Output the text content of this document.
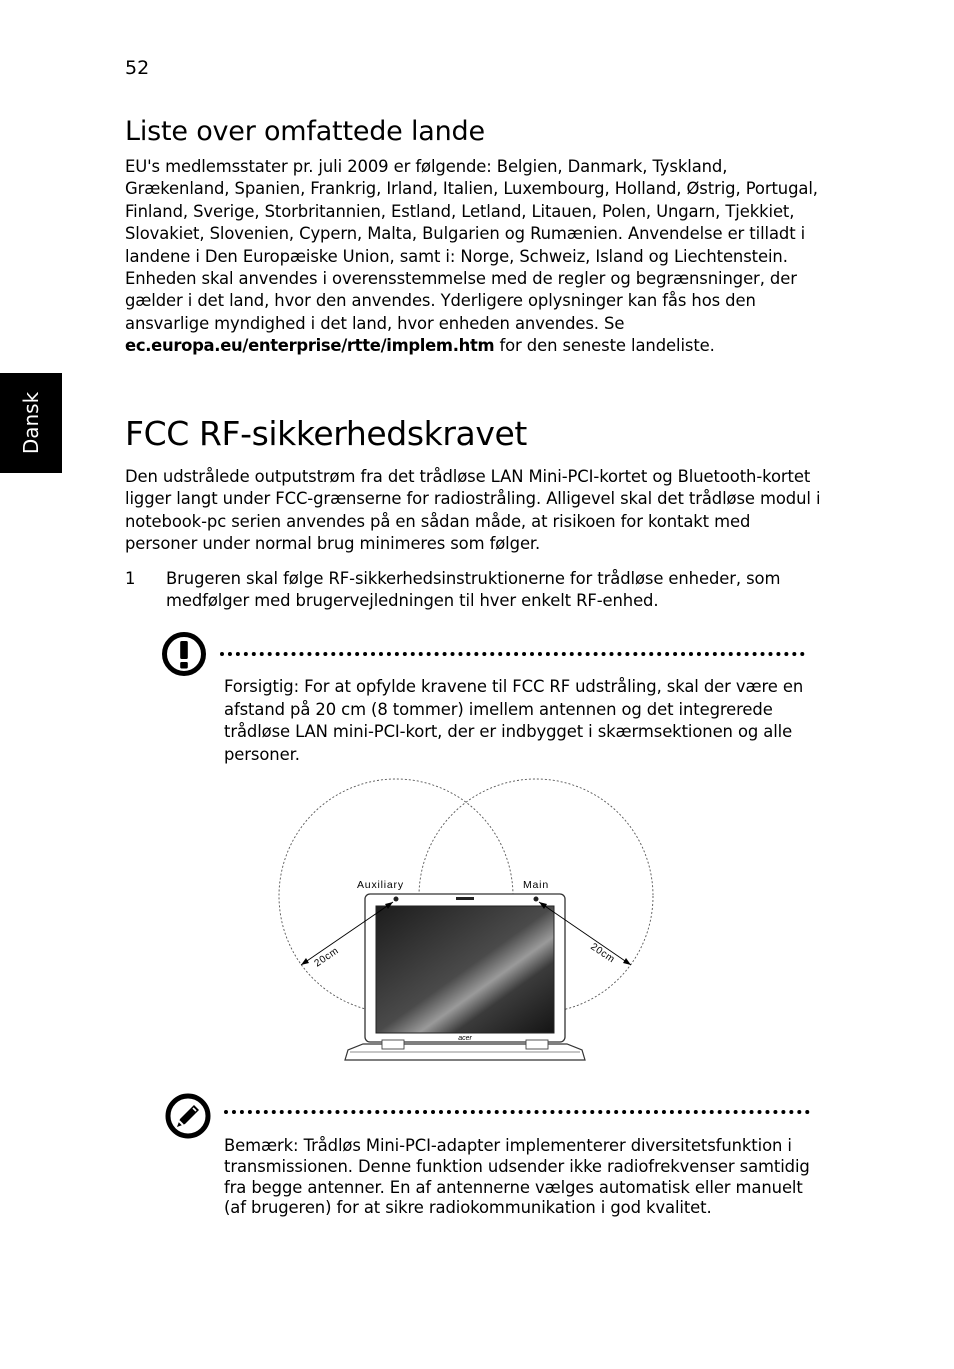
52
Dansk
Liste over omfattede lande

EU's medlemsstater pr. juli 2009 er følgende: Belgien, Danmark, Tyskland, Grækenland, Spanien, Frankrig, Irland, Italien, Luxembourg, Holland, Østrig, Portugal, Finland, Sverige, Storbritannien, Estland, Letland, Litauen, Polen, Ungarn, Tjekkiet, Slovakiet, Slovenien, Cypern, Malta, Bulgarien og Rumænien. Anvendelse er tilladt i landene i Den Europæiske Union, samt i: Norge, Schweiz, Island og Liechtenstein. Enheden skal anvendes i overensstemmelse med de regler og begrænsninger, der gælder i det land, hvor den anvendes. Yderligere oplysninger kan fås hos den ansvarlige myndighed i det land, hvor enheden anvendes. Se ec.europa.eu/enterprise/rtte/implem.htm for den seneste landeliste.

FCC RF-sikkerhedskravet

Den udstrålede outputstrøm fra det trådløse LAN Mini-PCI-kortet og Bluetooth-kortet ligger langt under FCC-grænserne for radiostråling. Alligevel skal det trådløse modul i notebook-pc serien anvendes på en sådan måde, at risikoen for kontakt med personer under normal brug minimeres som følger.

1 Brugeren skal følge RF-sikkerhedsinstruktionerne for trådløse enheder, som medfølger med brugervejledningen til hver enkelt RF-enhed.

Forsigtig: For at opfylde kravene til FCC RF udstråling, skal der være en afstand på 20 cm (8 tommer) imellem antennen og det integrerede trådløse LAN mini-PCI-kort, der er indbygget i skærmsektionen og alle personer.

acer
Auxiliary	Main
20cm	20cm

Bemærk: Trådløs Mini-PCI-adapter implementerer diversitetsfunktion i transmissionen. Denne funktion udsender ikke radiofrekvenser samtidig fra begge antenner. En af antennerne vælges automatisk eller manuelt (af brugeren) for at sikre radiokommunikation i god kvalitet.
